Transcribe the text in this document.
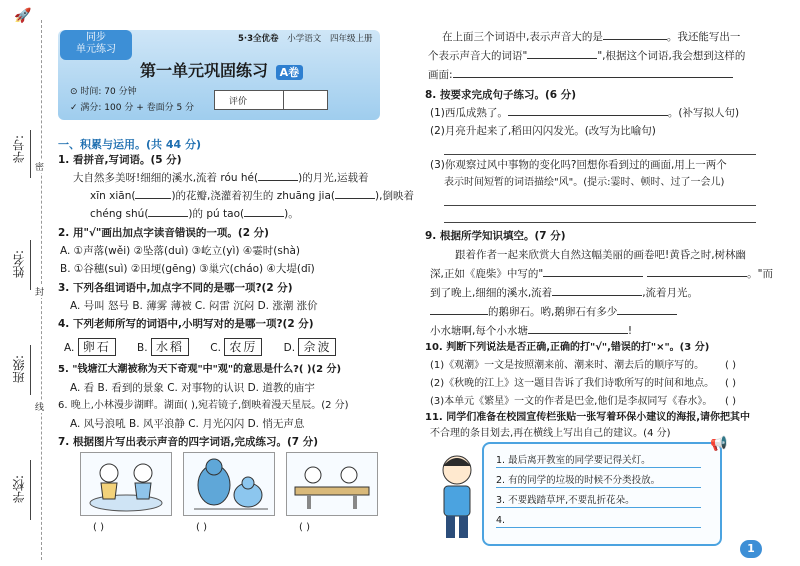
🚀
学号:
姓名:
班级:
学校:
密
封
线
同步
单元练习
5·3全优卷 小学语文 四年级上册
第一单元巩固练习 A卷
⊙ 时间: 70 分钟
✓ 满分: 100 分 + 卷面分 5 分
评价
一、积累与运用。(共 44 分)
1. 看拼音,写词语。(5 分)
大自然多美呀!细细的溪水,流着 róu hé(	)的月光,运载着
xīn xiān(	)的花瓣,浇灌着初生的 zhuāng jia(	),倒映着
chéng shú(	)的 pú tao(	)。
2. 用"√"画出加点字读音错误的一项。(2 分)
A. ①声落(wěi) ②坠落(duì) ③屹立(yì) ④霎时(shà)
B. ①谷穗(suì) ②田埂(gēng) ③巢穴(cháo) ④大堤(dī)
3. 下列各组词语中,加点字不同的是哪一项?(2 分)
A. 号叫 怒号 B. 薄雾 薄被 C. 闷雷 沉闷 D. 涨潮 涨价
4. 下列老师所写的词语中,小明写对的是哪一项?(2 分)
A. 卵石	B. 水稻	C. 农厉	D. 佘波
5. "钱塘江大潮被称为天下奇观"中"观"的意思是什么?( )(2 分)
A. 看 B. 看到的景象 C. 对事物的认识 D. 道教的庙宇
6. 晚上,小林漫步湖畔。湖面( ),宛若镜子,倒映着漫天星辰。(2 分)
A. 风号浪吼 B. 风平浪静 C. 月光闪闪 D. 悄无声息
7. 根据图片写出表示声音的四字词语,完成练习。(7 分)
( )	( )	( )
在上面三个词语中,表示声音大的是	。我还能写出一
个表示声音大的词语"	",根据这个词语,我会想到这样的
画面:
8. 按要求完成句子练习。(6 分)
(1)西瓜成熟了。	。(补写拟人句)
(2)月亮升起来了,稻田闪闪发光。(改写为比喻句)
(3)你观察过风中事物的变化吗?回想你看到过的画面,用上一两个
表示时间短暂的词语描绘"风"。(提示:霎时、顿时、过了一会儿)
9. 根据所学知识填空。(7 分)
跟着作者一起来欣赏大自然这幅美丽的画卷吧!黄昏之时,树林幽
深,正如《鹿柴》中写的"	。"而
到了晚上,细细的溪水,流着	,流着月光。
的鹅卵石。哟,鹅卵石有多少
小水塘啊,每个小水塘	!
10. 判断下列说法是否正确,正确的打"√",错误的打"×"。(3 分)
(1)《观潮》一文是按照潮来前、潮来时、潮去后的顺序写的。 ( )
(2)《秋晚的江上》这一题目告诉了我们诗歌所写的时间和地点。 ( )
(3)本单元《繁星》一文的作者是巴金,他们是李叔同写《春水》。 ( )
11. 同学们准备在校园宣传栏张贴一张写着环保小建议的海报,请你把其中
不合理的条目划去,再在横线上写出自己的建议。(4 分)
📢
1. 最后离开教室的同学要记得关灯。
2. 有的同学的垃圾的时候不分类投放。
3. 不要践踏草坪,不要乱折花朵。
4.
1
